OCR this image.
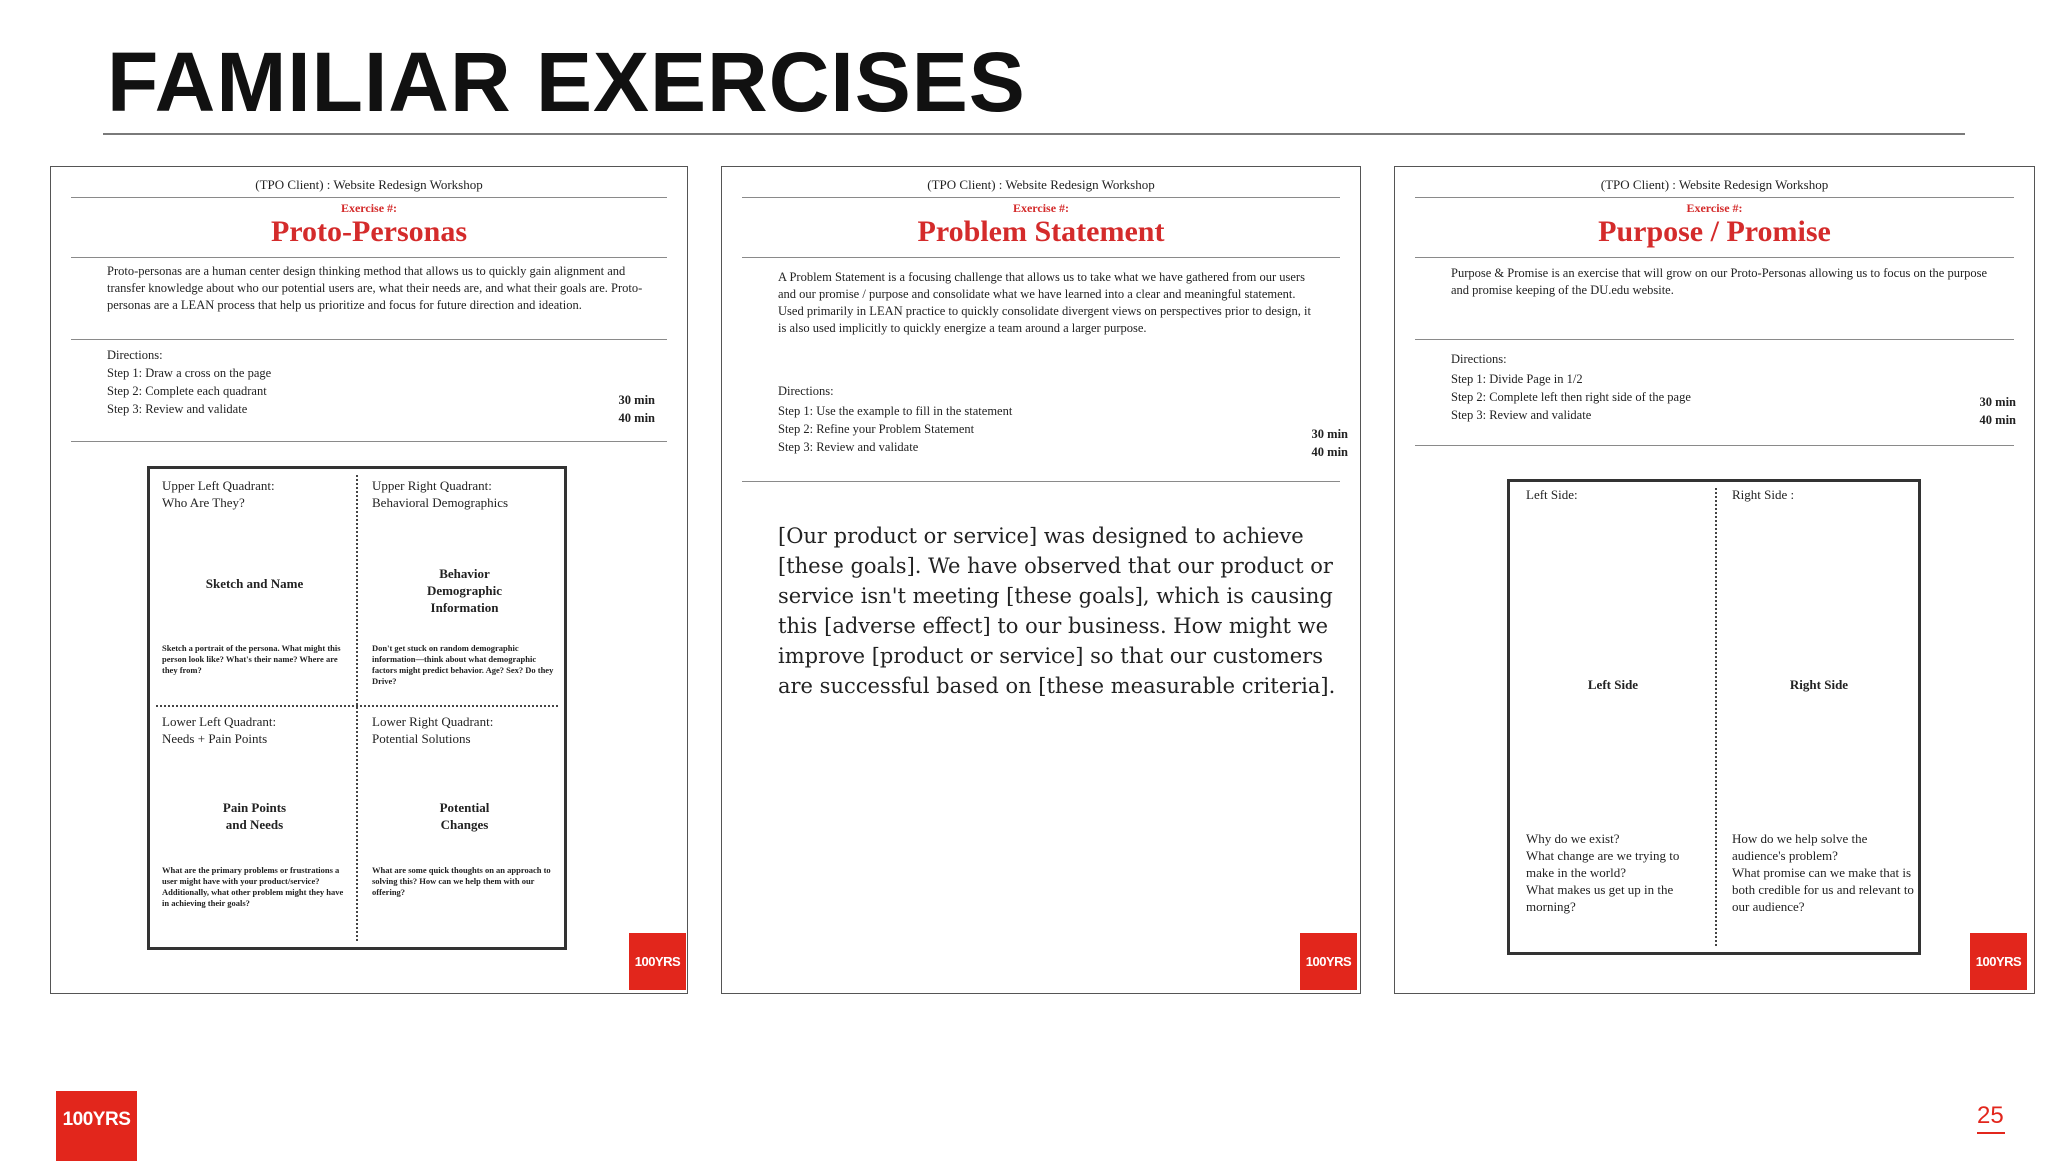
FAMILIAR EXERCISES
(TPO Client) : Website Redesign Workshop
Exercise #:
Proto-Personas
Proto-personas are a human center design thinking method that allows us to quickly gain alignment and transfer knowledge about who our potential users are, what their needs are, and what their goals are. Proto-personas are a LEAN process that help us prioritize and focus for future direction and ideation.
Directions:
Step 1: Draw a cross on the page
Step 2: Complete each quadrant
Step 3: Review and validate
30 min
40 min
Upper Left Quadrant:
Who Are They?
Sketch and Name
Sketch a portrait of the persona. What might this person look like? What's their name? Where are they from?
Upper Right Quadrant:
Behavioral Demographics
Behavior
Demographic
Information
Don't get stuck on random demographic information—think about what demographic factors might predict behavior. Age? Sex? Do they Drive?
Lower Left Quadrant:
Needs + Pain Points
Pain Points
and Needs
What are the primary problems or frustrations a user might have with your product/service? Additionally, what other problem might they have in achieving their goals?
Lower Right Quadrant:
Potential Solutions
Potential
Changes
What are some quick thoughts on an approach to solving this? How can we help them with our offering?
100YRS
(TPO Client) : Website Redesign Workshop
Exercise #:
Problem Statement
A Problem Statement is a focusing challenge that allows us to take what we have gathered from our users and our promise / purpose and consolidate what we have learned into a clear and meaningful statement. Used primarily in LEAN practice to quickly consolidate divergent views on perspectives prior to design, it is also used implicitly to quickly energize a team around a larger purpose.
Directions:
Step 1: Use the example to fill in the statement
Step 2: Refine your Problem Statement
Step 3: Review and validate
30 min
40 min
[Our product or service] was designed to achieve [these goals]. We have observed that our product or service isn't meeting [these goals], which is causing this [adverse effect] to our business. How might we improve [product or service] so that our customers are successful based on [these measurable criteria].
100YRS
(TPO Client) : Website Redesign Workshop
Exercise #:
Purpose / Promise
Purpose & Promise is an exercise that will grow on our Proto-Personas allowing us to focus on the purpose and promise keeping of the DU.edu website.
Directions:
Step 1: Divide Page in 1/2
Step 2: Complete left then right side of the page
Step 3: Review and validate
30 min
40 min
Left Side:
Left Side
Why do we exist?
What change are we trying to make in the world?
What makes us get up in the morning?
Right Side :
Right Side
How do we help solve the audience's problem?
What promise can we make that is both credible for us and relevant to our audience?
100YRS
100YRS	25
